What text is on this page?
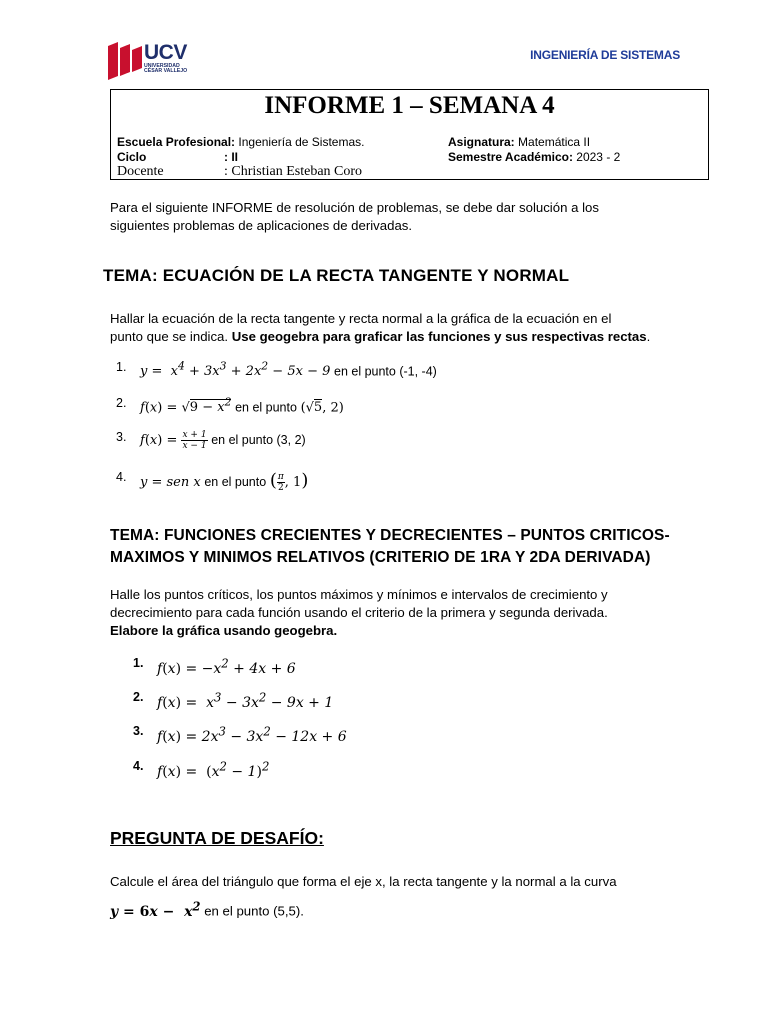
UCV
UNIVERSIDAD
CÉSAR VALLEJO
INGENIERÍA DE SISTEMAS
INFORME 1 – SEMANA 4
Escuela Profesional: Ingeniería de Sistemas.	Asignatura: Matemática II
Ciclo	: II	Semestre Académico: 2023 - 2
Docente	: Christian Esteban Coro
Para el siguiente INFORME de resolución de problemas, se debe dar solución a los
siguientes problemas de aplicaciones de derivadas.
TEMA: ECUACIÓN DE LA RECTA TANGENTE Y NORMAL
Hallar la ecuación de la recta tangente y recta normal a la gráfica de la ecuación en el
punto que se indica. Use geogebra para graficar las funciones y sus respectivas rectas.
1. $y = x^4 + 3x^3 + 2x^2 - 5x - 9$ en el punto (-1, -4)
2. $f(x) = √9 - x^2$ en el punto (√5, 2)
3. $f(x) = \frac{x + 1}{x - 1}$ en el punto (3, 2)
4. y = sen x en el punto ( $\frac{\pi}{2}$ , 1)
TEMA: FUNCIONES CRECIENTES Y DECRECIENTES – PUNTOS CRITICOS-
MAXIMOS Y MINIMOS RELATIVOS (CRITERIO DE 1RA Y 2DA DERIVADA)
Halle los puntos críticos, los puntos máximos y mínimos e intervalos de crecimiento y
decrecimiento para cada función usando el criterio de la primera y segunda derivada.
Elabore la gráfica usando geogebra.
1. $f(x) = -x^2 + 4x + 6$
2. $f(x) = x^3 - 3x^2 - 9x + 1$
3. $f(x) = 2x^3 - 3x^2 - 12x + 6$
4. $f(x) = (x^2 - 1)^2$
PREGUNTA DE DESAFÍO:
Calcule el área del triángulo que forma el eje x, la recta tangente y la normal a la curva
$y = 6x - x^2$ en el punto (5,5).
